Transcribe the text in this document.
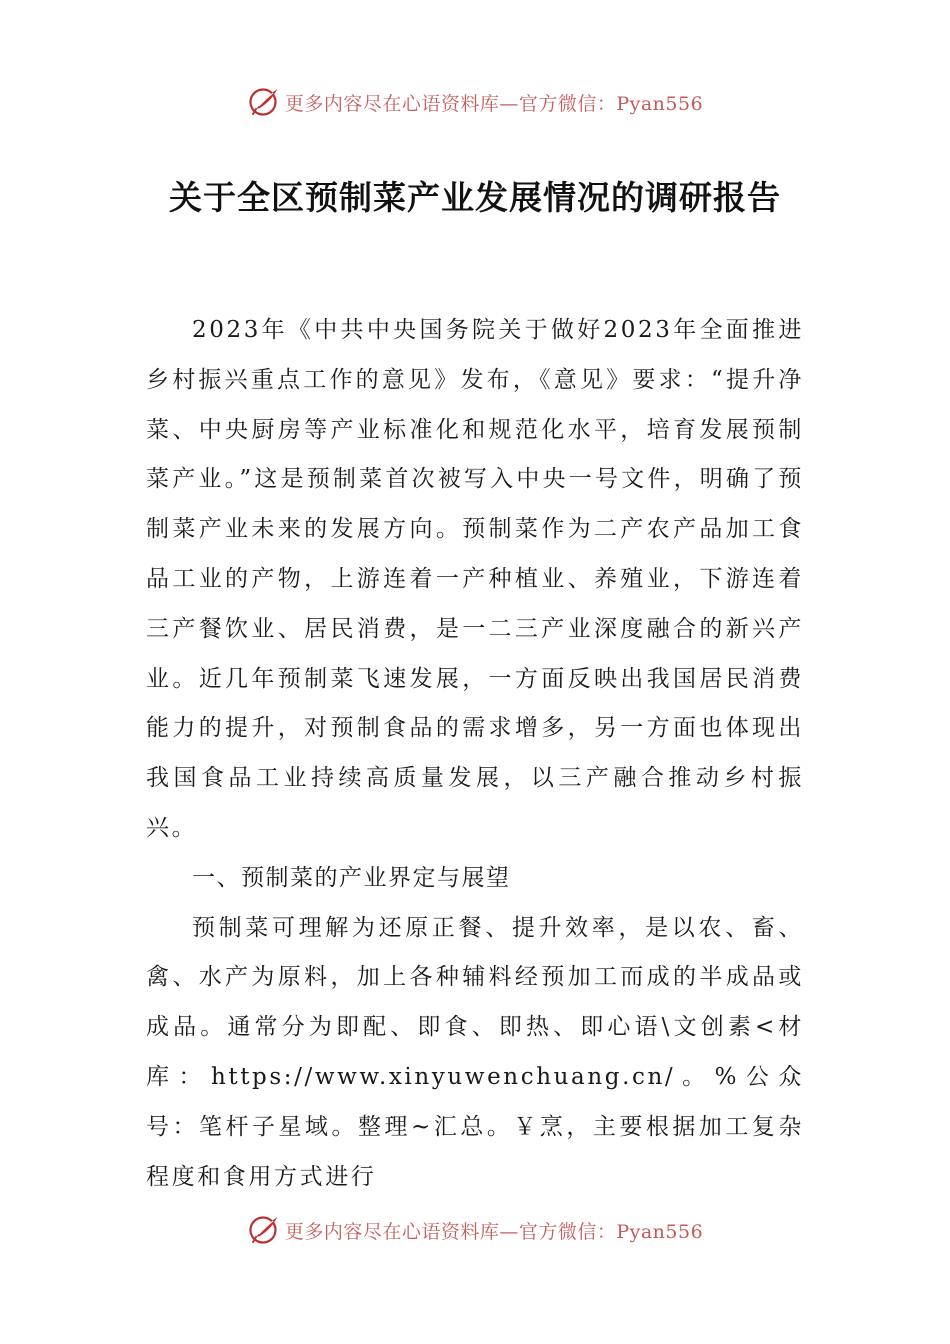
更多内容尽在心语资料库—官方微信：Pyan556
关于全区预制菜产业发展情况的调研报告

2023年《中共中央国务院关于做好2023年全面推进乡村振兴重点工作的意见》发布，《意见》要求：“提升净菜、中央厨房等产业标准化和规范化水平，培育发展预制菜产业。”这是预制菜首次被写入中央一号文件，明确了预制菜产业未来的发展方向。预制菜作为二产农产品加工食品工业的产物，上游连着一产种植业、养殖业，下游连着三产餐饮业、居民消费，是一二三产业深度融合的新兴产业。近几年预制菜飞速发展，一方面反映出我国居民消费能力的提升，对预制食品的需求增多，另一方面也体现出我国食品工业持续高质量发展，以三产融合推动乡村振兴。

一、预制菜的产业界定与展望

预制菜可理解为还原正餐、提升效率，是以农、畜、禽、水产为原料，加上各种辅料经预加工而成的半成品或成品。通常分为即配、即食、即热、即心语\文创素<材库：https://www.xinyuwenchuang.cn/。%公众号：笔杆子星域。整理~汇总。￥烹，主要根据加工复杂程度和食用方式进行

更多内容尽在心语资料库—官方微信：Pyan556
